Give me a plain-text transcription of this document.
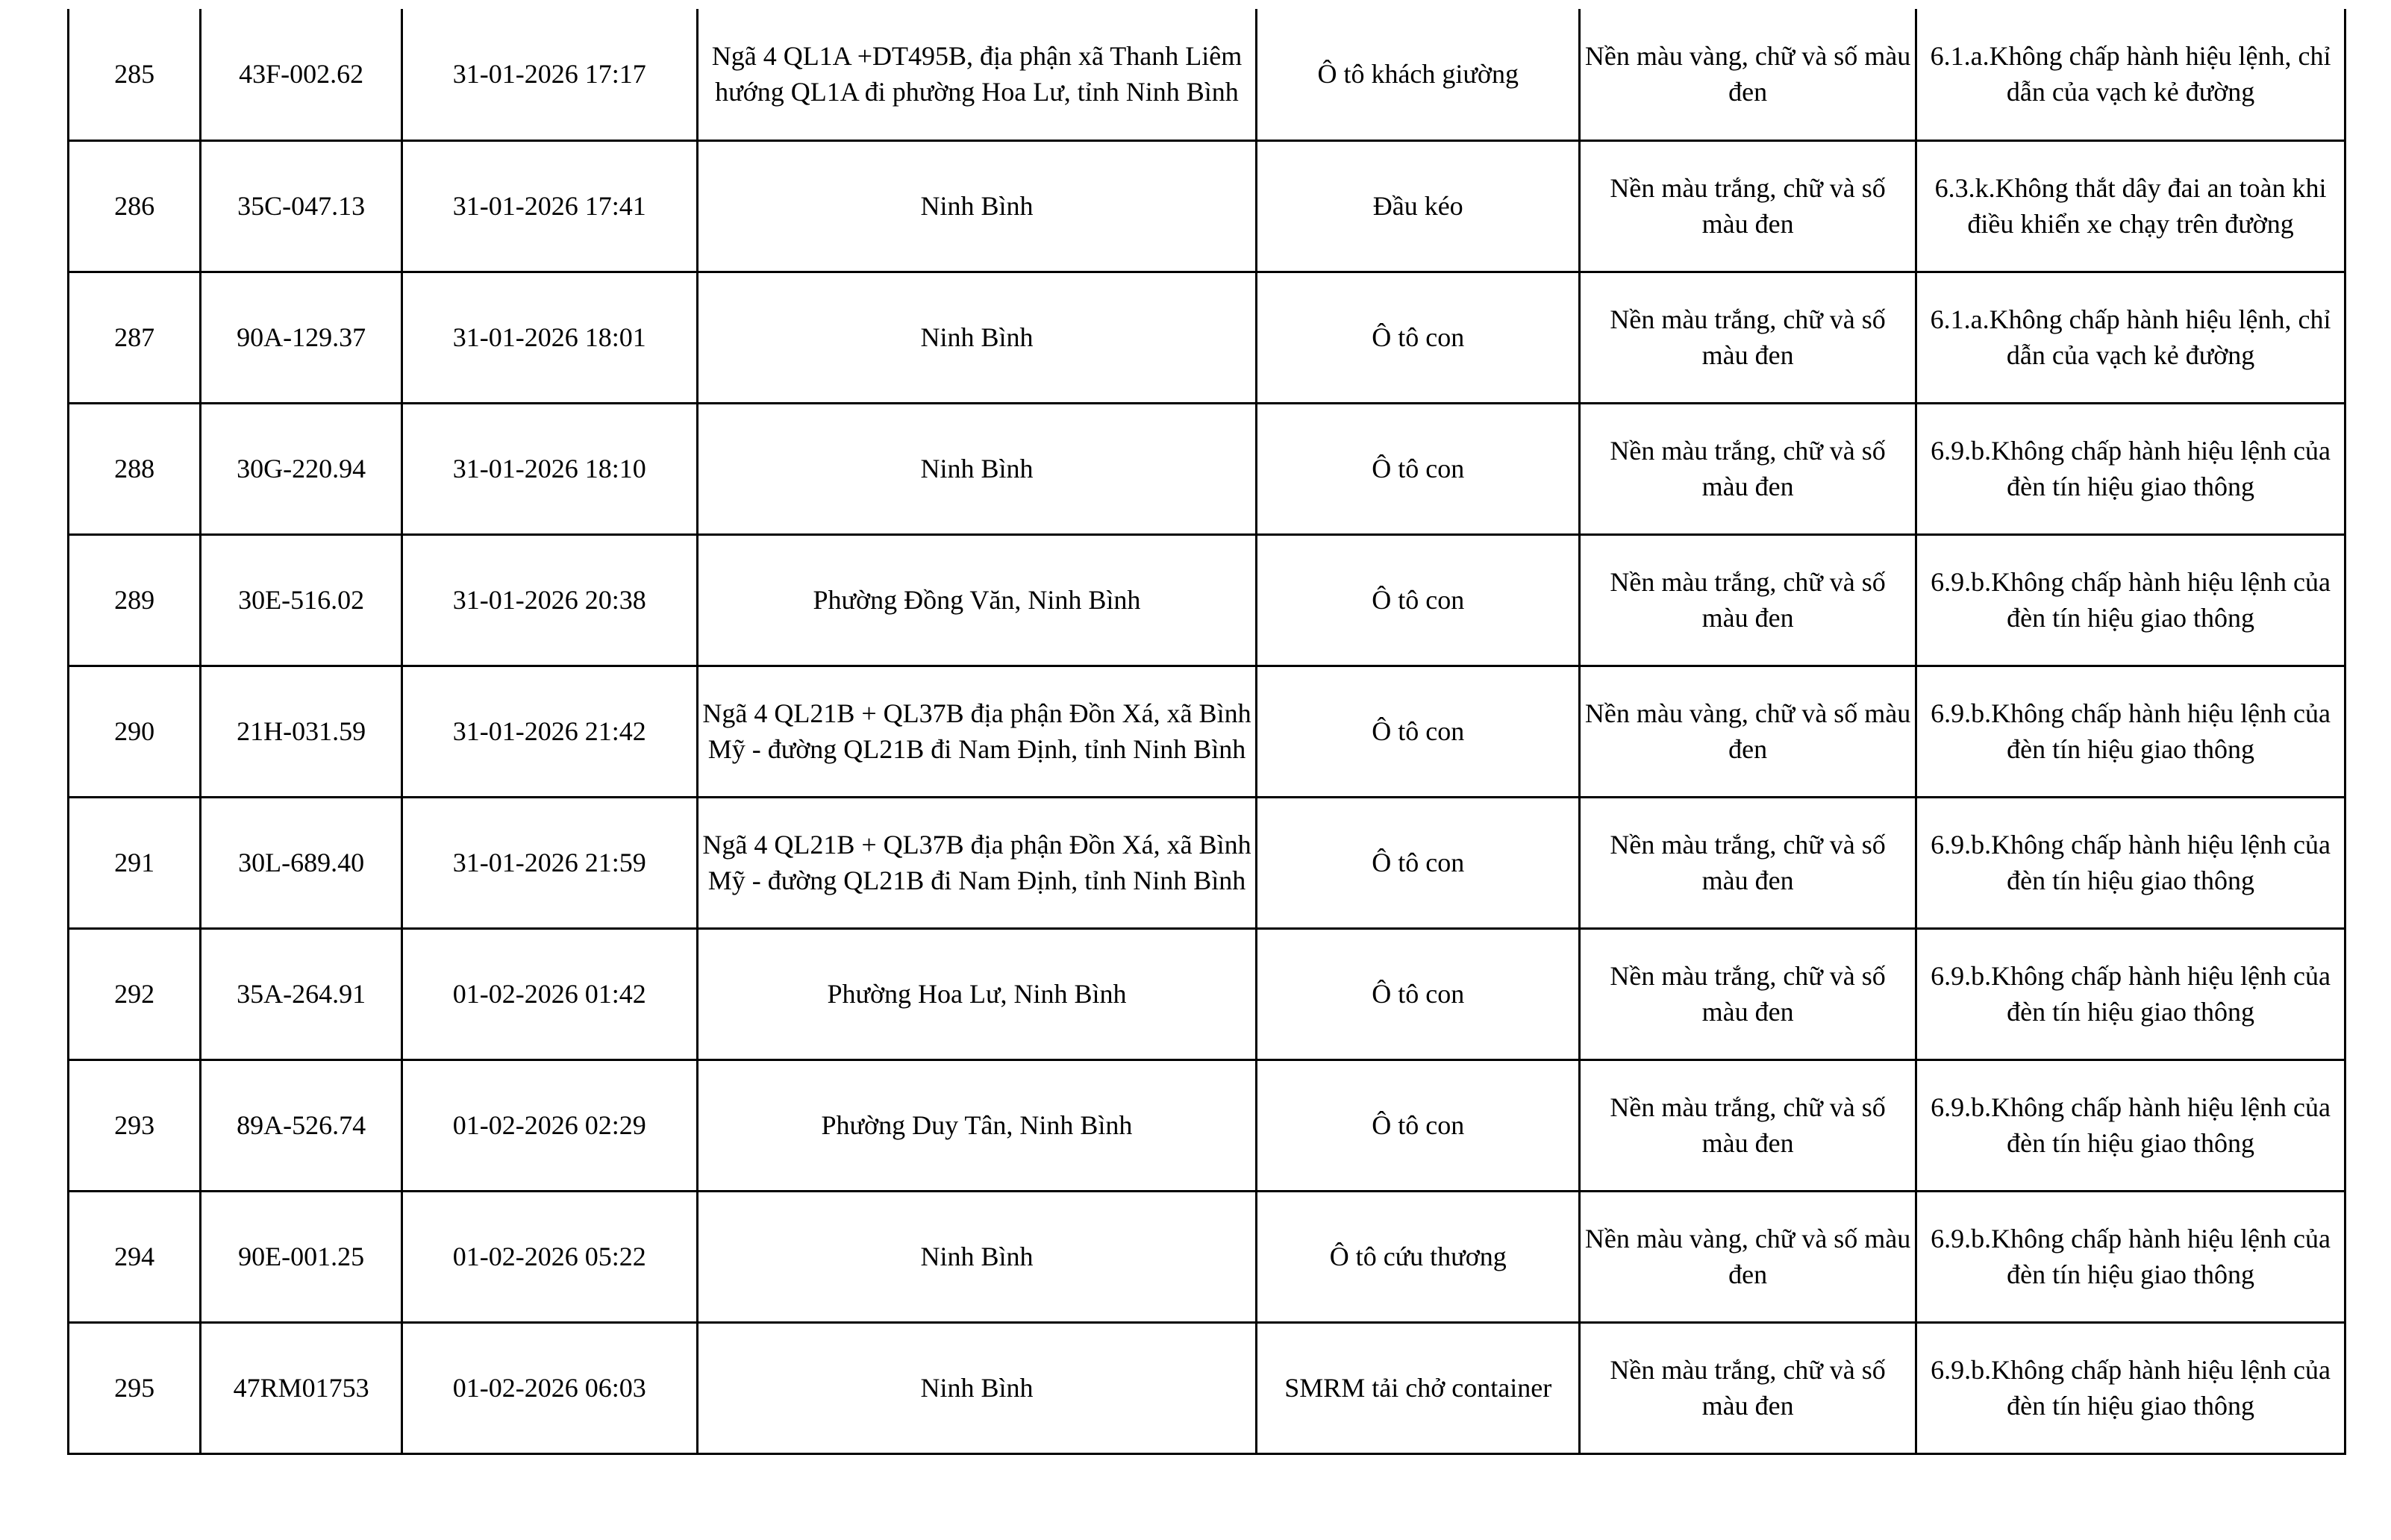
285	43F-002.62	31-01-2026 17:17	Ngã 4 QL1A +DT495B, địa phận xã Thanh Liêm hướng QL1A đi phường Hoa Lư, tỉnh Ninh Bình	Ô tô khách giường	Nền màu vàng, chữ và số màu đen	6.1.a.Không chấp hành hiệu lệnh, chỉ dẫn của vạch kẻ đường

286	35C-047.13	31-01-2026 17:41	Ninh Bình	Đầu kéo	Nền màu trắng, chữ và số màu đen	6.3.k.Không thắt dây đai an toàn khi điều khiển xe chạy trên đường

287	90A-129.37	31-01-2026 18:01	Ninh Bình	Ô tô con	Nền màu trắng, chữ và số màu đen	6.1.a.Không chấp hành hiệu lệnh, chỉ dẫn của vạch kẻ đường

288	30G-220.94	31-01-2026 18:10	Ninh Bình	Ô tô con	Nền màu trắng, chữ và số màu đen	6.9.b.Không chấp hành hiệu lệnh của đèn tín hiệu giao thông

289	30E-516.02	31-01-2026 20:38	Phường Đồng Văn, Ninh Bình	Ô tô con	Nền màu trắng, chữ và số màu đen	6.9.b.Không chấp hành hiệu lệnh của đèn tín hiệu giao thông

290	21H-031.59	31-01-2026 21:42	Ngã 4 QL21B + QL37B địa phận Đồn Xá, xã Bình Mỹ - đường QL21B đi Nam Định, tỉnh Ninh Bình	Ô tô con	Nền màu vàng, chữ và số màu đen	6.9.b.Không chấp hành hiệu lệnh của đèn tín hiệu giao thông

291	30L-689.40	31-01-2026 21:59	Ngã 4 QL21B + QL37B địa phận Đồn Xá, xã Bình Mỹ - đường QL21B đi Nam Định, tỉnh Ninh Bình	Ô tô con	Nền màu trắng, chữ và số màu đen	6.9.b.Không chấp hành hiệu lệnh của đèn tín hiệu giao thông

292	35A-264.91	01-02-2026 01:42	Phường Hoa Lư, Ninh Bình	Ô tô con	Nền màu trắng, chữ và số màu đen	6.9.b.Không chấp hành hiệu lệnh của đèn tín hiệu giao thông

293	89A-526.74	01-02-2026 02:29	Phường Duy Tân, Ninh Bình	Ô tô con	Nền màu trắng, chữ và số màu đen	6.9.b.Không chấp hành hiệu lệnh của đèn tín hiệu giao thông

294	90E-001.25	01-02-2026 05:22	Ninh Bình	Ô tô cứu thương	Nền màu vàng, chữ và số màu đen	6.9.b.Không chấp hành hiệu lệnh của đèn tín hiệu giao thông

295	47RM01753	01-02-2026 06:03	Ninh Bình	SMRM tải chở container	Nền màu trắng, chữ và số màu đen	6.9.b.Không chấp hành hiệu lệnh của đèn tín hiệu giao thông
